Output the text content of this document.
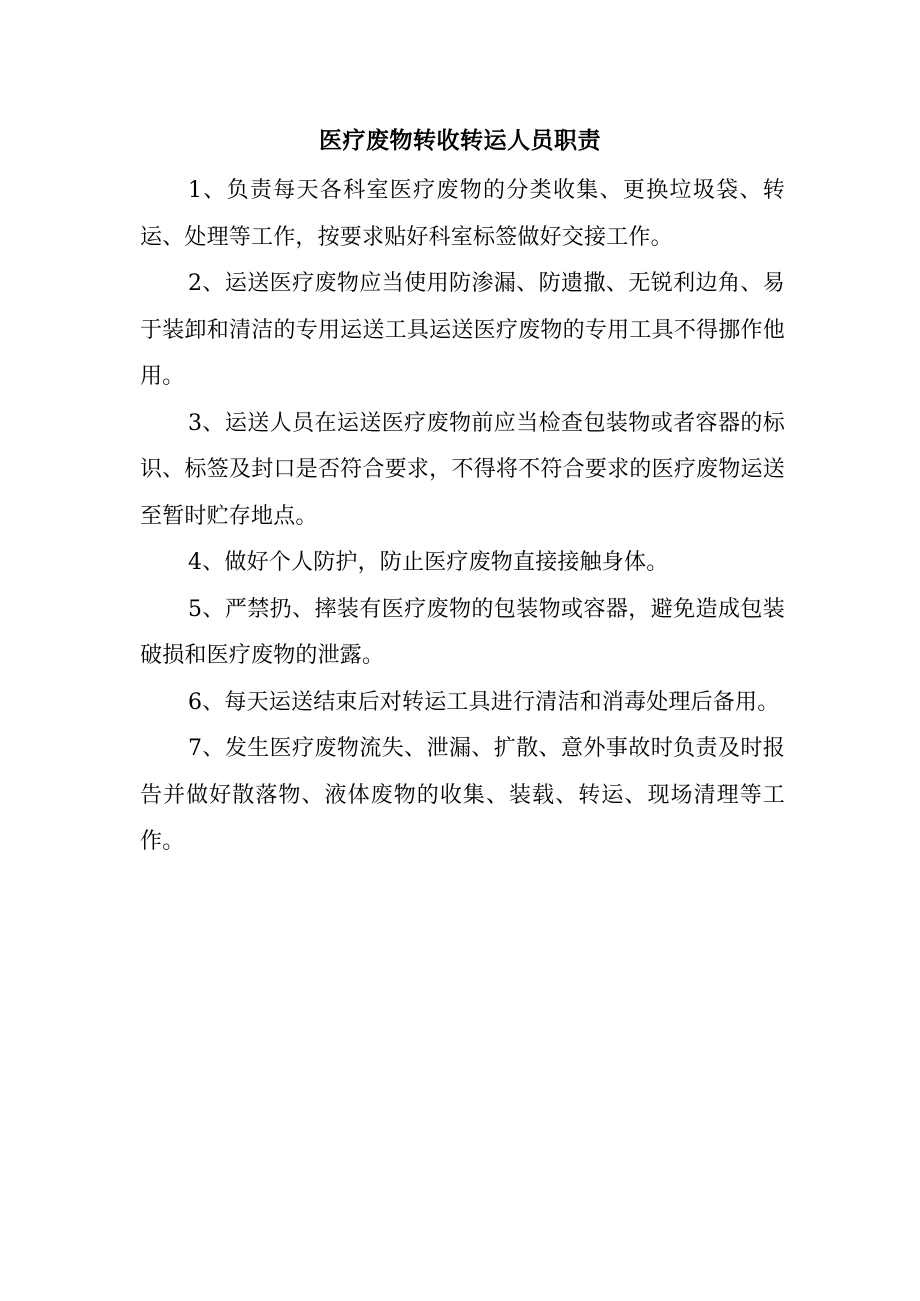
医疗废物转收转运人员职责

1、负责每天各科室医疗废物的分类收集、更换垃圾袋、转运、处理等工作，按要求贴好科室标签做好交接工作。

2、运送医疗废物应当使用防渗漏、防遗撒、无锐利边角、易于装卸和清洁的专用运送工具运送医疗废物的专用工具不得挪作他用。

3、运送人员在运送医疗废物前应当检查包装物或者容器的标识、标签及封口是否符合要求，不得将不符合要求的医疗废物运送至暂时贮存地点。

4、做好个人防护，防止医疗废物直接接触身体。

5、严禁扔、摔装有医疗废物的包装物或容器，避免造成包装破损和医疗废物的泄露。

6、每天运送结束后对转运工具进行清洁和消毒处理后备用。

7、发生医疗废物流失、泄漏、扩散、意外事故时负责及时报告并做好散落物、液体废物的收集、装载、转运、现场清理等工作。
